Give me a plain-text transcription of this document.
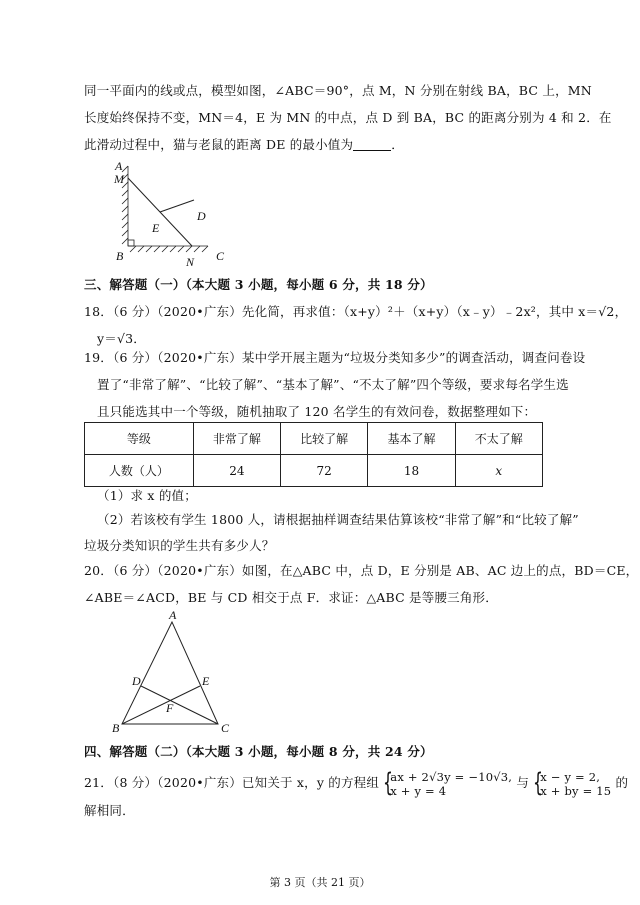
同一平面内的线或点，模型如图，∠ABC＝90°，点 M，N 分别在射线 BA，BC 上，MN
长度始终保持不变，MN＝4，E 为 MN 的中点，点 D 到 BA，BC 的距离分别为 4 和 2．在
此滑动过程中，猫与老鼠的距离 DE 的最小值为	．
A
M
E
D
B	N C
三、解答题（一）（本大题 3 小题，每小题 6 分，共 18 分）
18．（6 分）（2020•广东）先化简，再求值：（x+y）²＋（x+y）（x﹣y）﹣2x²，其中 x＝√2，
y＝√3．
19．（6 分）（2020•广东）某中学开展主题为“垃圾分类知多少”的调查活动，调查问卷设
置了“非常了解”、“比较了解”、“基本了解”、“不太了解”四个等级，要求每名学生选
且只能选其中一个等级，随机抽取了 120 名学生的有效问卷，数据整理如下：
等级	非常了解	比较了解	基本了解	不太了解
人数（人）	24	72	18	x
（1）求 x 的值；
（2）若该校有学生 1800 人，请根据抽样调查结果估算该校“非常了解”和“比较了解”
垃圾分类知识的学生共有多少人？
20．（6 分）（2020•广东）如图，在△ABC 中，点 D，E 分别是 AB、AC 边上的点，BD＝CE，
∠ABE＝∠ACD，BE 与 CD 相交于点 F．求证：△ABC 是等腰三角形．
A
D	E
F
B	C
四、解答题（二）（本大题 3 小题，每小题 8 分，共 24 分）
21．（8 分）（2020•广东）已知关于 x，y 的方程组 {
ax + 2√3y = −10√3,
x + y = 4
与 {
x − y = 2,
x + by = 15
的
解相同．
第 3 页（共 21 页）
